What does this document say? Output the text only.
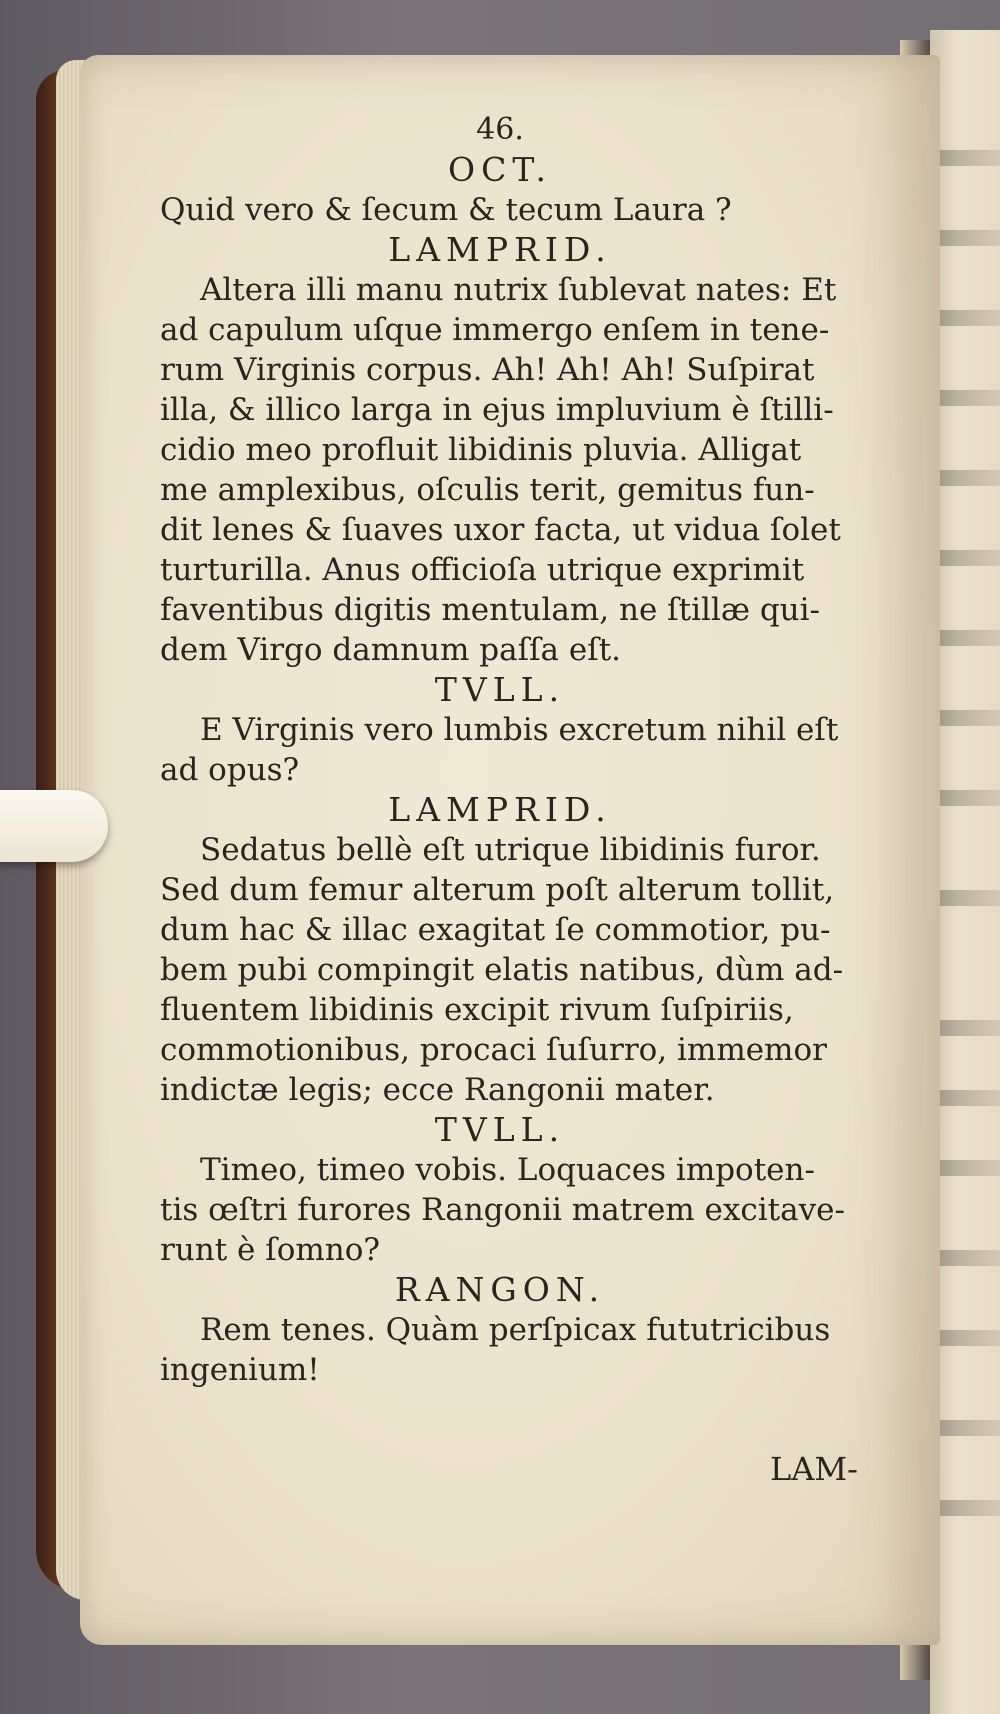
46.
OCT.
Quid vero & ſecum & tecum Laura ?
LAMPRID.
Altera illi manu nutrix ſublevat nates: Et
ad capulum uſque immergo enſem in tene-
rum Virginis corpus. Ah! Ah! Ah! Suſpirat
illa, & illico larga in ejus impluvium è ſtilli-
cidio meo profluit libidinis pluvia. Alligat
me amplexibus, oſculis terit, gemitus fun-
dit lenes & ſuaves uxor facta, ut vidua ſolet
turturilla. Anus officioſa utrique exprimit
faventibus digitis mentulam, ne ſtillæ qui-
dem Virgo damnum paſſa eſt.
TVLL.
E Virginis vero lumbis excretum nihil eſt
ad opus?
LAMPRID.
Sedatus bellè eſt utrique libidinis furor.
Sed dum femur alterum poſt alterum tollit,
dum hac & illac exagitat ſe commotior, pu-
bem pubi compingit elatis natibus, dùm ad-
fluentem libidinis excipit rivum ſuſpiriis,
commotionibus, procaci ſuſurro, immemor
indictæ legis; ecce Rangonii mater.
TVLL.
Timeo, timeo vobis. Loquaces impoten-
tis œſtri furores Rangonii matrem excitave-
runt è ſomno?
RANGON.
Rem tenes. Quàm perſpicax fututricibus
ingenium!
LAM-
